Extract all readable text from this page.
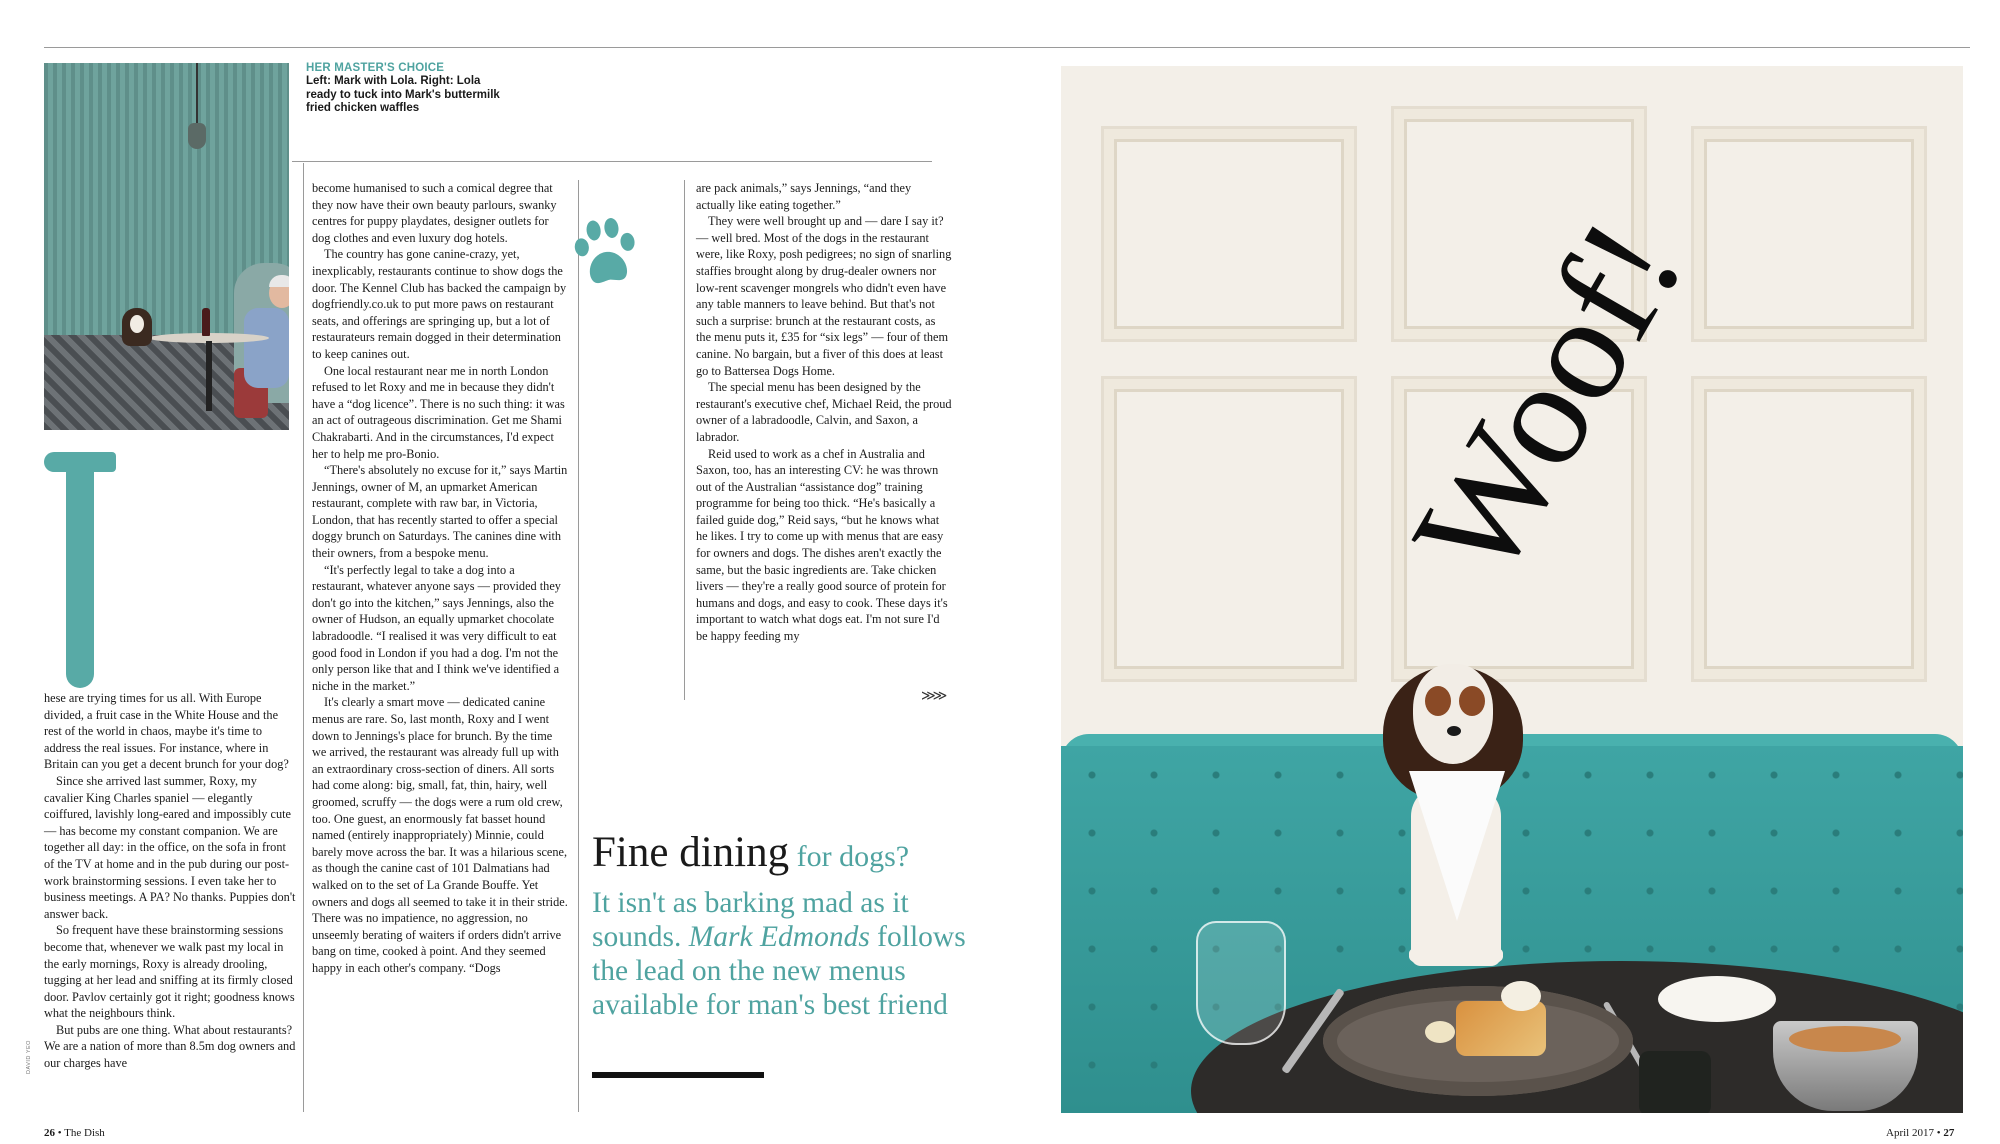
HER MASTER'S CHOICE
Left: Mark with Lola. Right: Lola ready to tuck into Mark's buttermilk fried chicken waffles

hese are trying times for us all. With Europe divided, a fruit case in the White House and the rest of the world in chaos, maybe it's time to address the real issues. For instance, where in Britain can you get a decent brunch for your dog?

Since she arrived last summer, Roxy, my cavalier King Charles spaniel — elegantly coiffured, lavishly long-eared and impossibly cute — has become my constant companion. We are together all day: in the office, on the sofa in front of the TV at home and in the pub during our post-work brainstorming sessions. I even take her to business meetings. A PA? No thanks. Puppies don't answer back.

So frequent have these brainstorming sessions become that, whenever we walk past my local in the early mornings, Roxy is already drooling, tugging at her lead and sniffing at its firmly closed door. Pavlov certainly got it right; goodness knows what the neighbours think.

But pubs are one thing. What about restaurants? We are a nation of more than 8.5m dog owners and our charges have

become humanised to such a comical degree that they now have their own beauty parlours, swanky centres for puppy playdates, designer outlets for dog clothes and even luxury dog hotels.

The country has gone canine-crazy, yet, inexplicably, restaurants continue to show dogs the door. The Kennel Club has backed the campaign by dogfriendly.co.uk to put more paws on restaurant seats, and offerings are springing up, but a lot of restaurateurs remain dogged in their determination to keep canines out.

One local restaurant near me in north London refused to let Roxy and me in because they didn't have a “dog licence”. There is no such thing: it was an act of outrageous discrimination. Get me Shami Chakrabarti. And in the circumstances, I'd expect her to help me pro-Bonio.

“There's absolutely no excuse for it,” says Martin Jennings, owner of M, an upmarket American restaurant, complete with raw bar, in Victoria, London, that has recently started to offer a special doggy brunch on Saturdays. The canines dine with their owners, from a bespoke menu.

“It's perfectly legal to take a dog into a restaurant, whatever anyone says — provided they don't go into the kitchen,” says Jennings, also the owner of Hudson, an equally upmarket chocolate labradoodle. “I realised it was very difficult to eat good food in London if you had a dog. I'm not the only person like that and I think we've identified a niche in the market.”

It's clearly a smart move — dedicated canine menus are rare. So, last month, Roxy and I went down to Jennings's place for brunch. By the time we arrived, the restaurant was already full up with an extraordinary cross-section of diners. All sorts had come along: big, small, fat, thin, hairy, well groomed, scruffy — the dogs were a rum old crew, too. One guest, an enormously fat basset hound named (entirely inappropriately) Minnie, could barely move across the bar. It was a hilarious scene, as though the canine cast of 101 Dalmatians had walked on to the set of La Grande Bouffe. Yet owners and dogs all seemed to take it in their stride. There was no impatience, no aggression, no unseemly berating of waiters if orders didn't arrive bang on time, cooked à point. And they seemed happy in each other's company. “Dogs

are pack animals,” says Jennings, “and they actually like eating together.”

They were well brought up and — dare I say it? — well bred. Most of the dogs in the restaurant were, like Roxy, posh pedigrees; no sign of snarling staffies brought along by drug-dealer owners nor low-rent scavenger mongrels who didn't even have any table manners to leave behind. But that's not such a surprise: brunch at the restaurant costs, as the menu puts it, £35 for “six legs” — four of them canine. No bargain, but a fiver of this does at least go to Battersea Dogs Home.

The special menu has been designed by the restaurant's executive chef, Michael Reid, the proud owner of a labradoodle, Calvin, and Saxon, a labrador.

Reid used to work as a chef in Australia and Saxon, too, has an interesting CV: he was thrown out of the Australian “assistance dog” training programme for being too thick. “He's basically a failed guide dog,” Reid says, “but he knows what he likes. I try to come up with menus that are easy for owners and dogs. The dishes aren't exactly the same, but the basic ingredients are. Take chicken livers — they're a really good source of protein for humans and dogs, and easy to cook. These days it's important to watch what dogs eat. I'm not sure I'd be happy feeding my

≫≫
Fine dining for dogs?
It isn't as barking mad as it sounds. Mark Edmonds follows the lead on the new menus available for man's best friend
Woof!
DAVID YEO
26 • The Dish	April 2017 • 27
